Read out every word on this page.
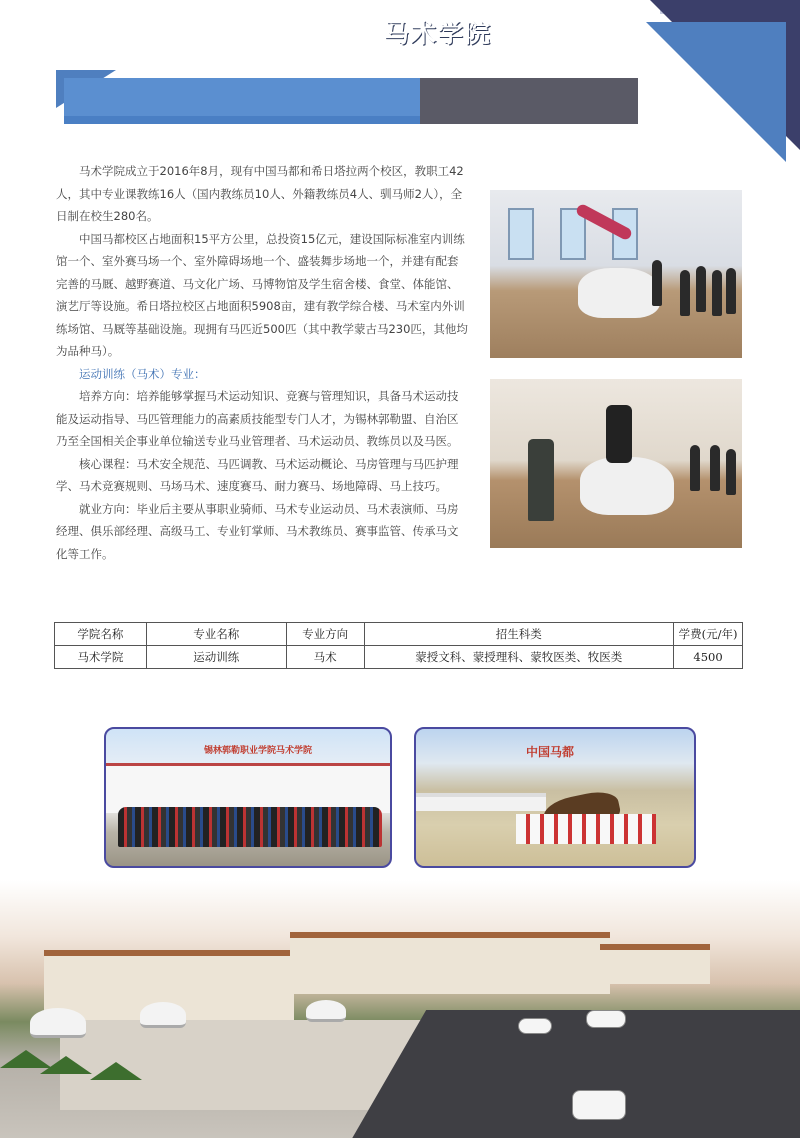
马术学院

马术学院成立于2016年8月，现有中国马都和希日塔拉两个校区，教职工42人，其中专业课教练16人（国内教练员10人、外籍教练员4人、驯马师2人），全日制在校生280名。

中国马都校区占地面积15平方公里，总投资15亿元，建设国际标准室内训练馆一个、室外赛马场一个、室外障碍场地一个、盛装舞步场地一个，并建有配套完善的马厩、越野赛道、马文化广场、马博物馆及学生宿舍楼、食堂、体能馆、演艺厅等设施。希日塔拉校区占地面积5908亩，建有教学综合楼、马术室内外训练场馆、马厩等基础设施。现拥有马匹近500匹（其中教学蒙古马230匹，其他均为品种马）。

运动训练（马术）专业：

培养方向：培养能够掌握马术运动知识、竞赛与管理知识，具备马术运动技能及运动指导、马匹管理能力的高素质技能型专门人才，为锡林郭勒盟、自治区乃至全国相关企事业单位输送专业马业管理者、马术运动员、教练员以及马医。

核心课程：马术安全规范、马匹调教、马术运动概论、马房管理与马匹护理学、马术竞赛规则、马场马术、速度赛马、耐力赛马、场地障碍、马上技巧。

就业方向：毕业后主要从事职业骑师、马术专业运动员、马术表演师、马房经理、俱乐部经理、高级马工、专业钉掌师、马术教练员、赛事监管、传承马文化等工作。

学院名称	专业名称	专业方向	招生科类	学费(元/年)
马术学院	运动训练	马术	蒙授文科、蒙授理科、蒙牧医类、牧医类	4500
锡林郭勒职业学院马术学院	中国马都
